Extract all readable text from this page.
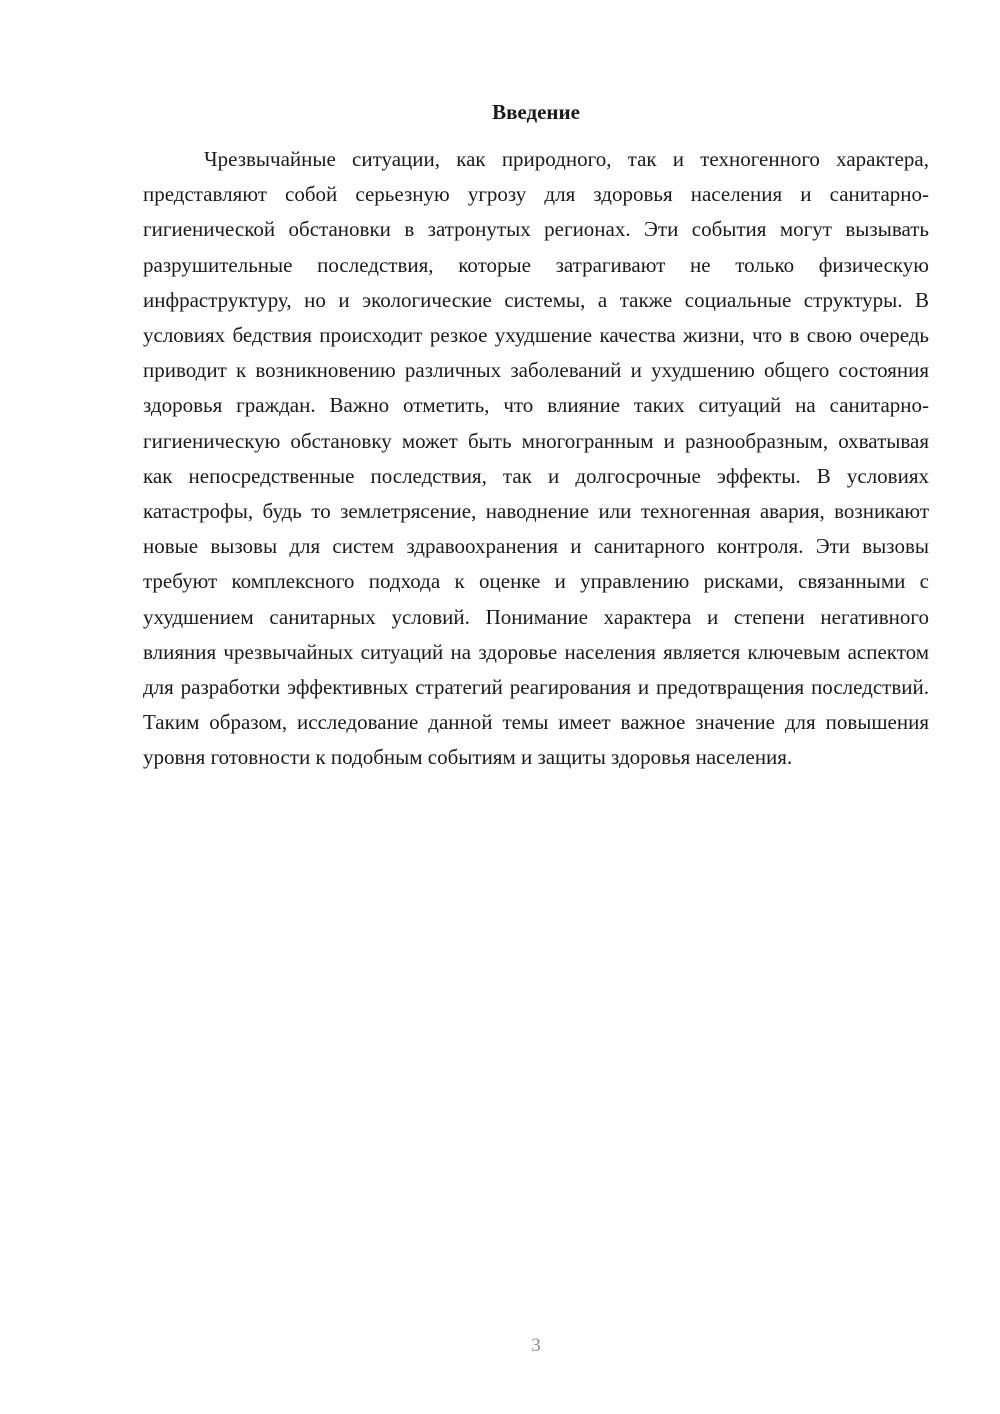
Введение

Чрезвычайные ситуации, как природного, так и техногенного характера, представляют собой серьезную угрозу для здоровья населения и санитарно-гигиенической обстановки в затронутых регионах. Эти события могут вызывать разрушительные последствия, которые затрагивают не только физическую инфраструктуру, но и экологические системы, а также социальные структуры. В условиях бедствия происходит резкое ухудшение качества жизни, что в свою очередь приводит к возникновению различных заболеваний и ухудшению общего состояния здоровья граждан. Важно отметить, что влияние таких ситуаций на санитарно-гигиеническую обстановку может быть многогранным и разнообразным, охватывая как непосредственные последствия, так и долгосрочные эффекты. В условиях катастрофы, будь то землетрясение, наводнение или техногенная авария, возникают новые вызовы для систем здравоохранения и санитарного контроля. Эти вызовы требуют комплексного подхода к оценке и управлению рисками, связанными с ухудшением санитарных условий. Понимание характера и степени негативного влияния чрезвычайных ситуаций на здоровье населения является ключевым аспектом для разработки эффективных стратегий реагирования и предотвращения последствий. Таким образом, исследование данной темы имеет важное значение для повышения уровня готовности к подобным событиям и защиты здоровья населения.

3
